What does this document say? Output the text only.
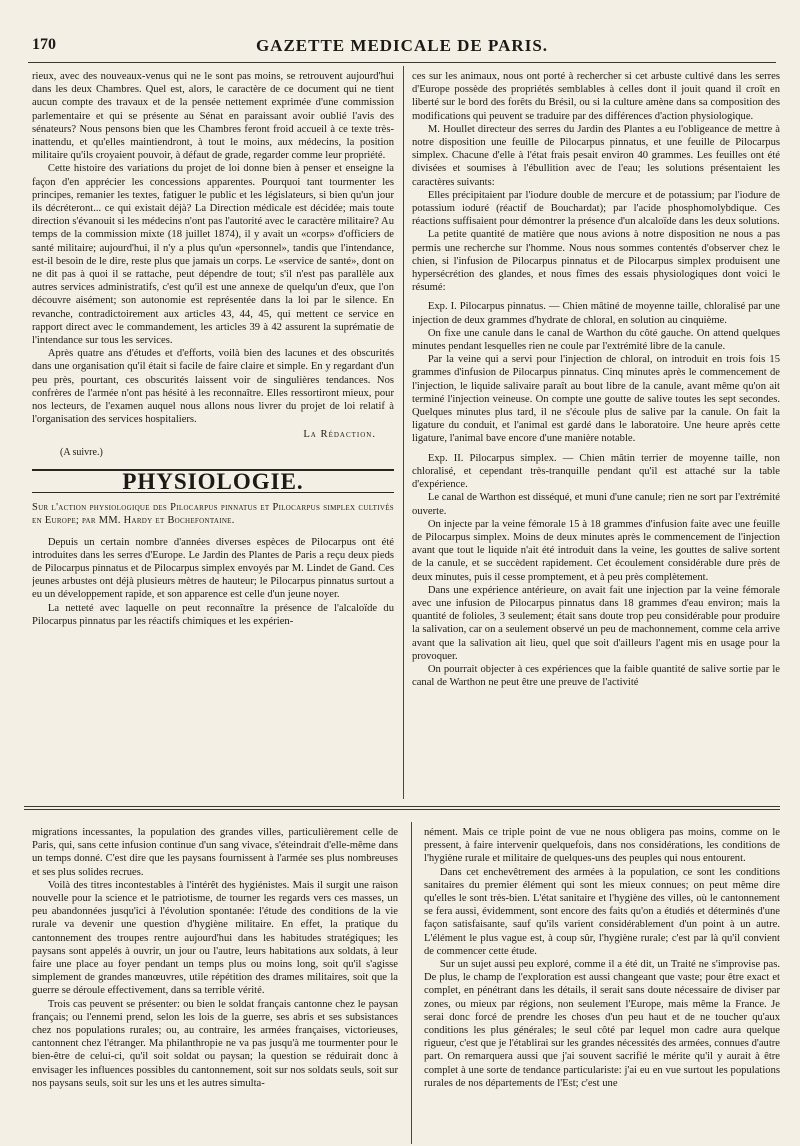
170	GAZETTE MEDICALE DE PARIS.

rieux, avec des nouveaux-venus qui ne le sont pas moins, se retrouvent aujourd'hui dans les deux Chambres. Quel est, alors, le caractère de ce document qui ne tient aucun compte des travaux et de la pensée nettement exprimée d'une commission parlementaire et qui se présente au Sénat en paraissant avoir oublié l'avis des sénateurs? Nous pensons bien que les Chambres feront froid accueil à ce texte très-inattendu, et qu'elles maintiendront, à tout le moins, aux médecins, la position militaire qu'ils croyaient pouvoir, à défaut de grade, regarder comme leur propriété.

Cette histoire des variations du projet de loi donne bien à penser et enseigne la façon d'en apprécier les concessions apparentes. Pourquoi tant tourmenter les principes, remanier les textes, fatiguer le public et les législateurs, si bien qu'un jour ils décréteront... ce qui existait déjà? La Direction médicale est décidée; mais toute direction s'évanouit si les médecins n'ont pas l'autorité avec le caractère militaire? Au temps de la commission mixte (18 juillet 1874), il y avait un «corps» d'officiers de santé militaire; aujourd'hui, il n'y a plus qu'un «personnel», tandis que l'intendance, est-il besoin de le dire, reste plus que jamais un corps. Le «service de santé», dont on ne dit pas à quoi il se rattache, peut dépendre de tout; s'il n'est pas parallèle aux autres services administratifs, c'est qu'il est une annexe de quelqu'un d'eux, que l'on découvre aisément; son autonomie est représentée dans la loi par le silence. En revanche, contradictoirement aux articles 43, 44, 45, qui mettent ce service en rapport direct avec le commandement, les articles 39 à 42 assurent la suprématie de l'intendance sur tous les services.

Après quatre ans d'études et d'efforts, voilà bien des lacunes et des obscurités dans une organisation qu'il était si facile de faire claire et simple. En y regardant d'un peu près, pourtant, ces obscurités laissent voir de singulières tendances. Nos confrères de l'armée n'ont pas hésité à les reconnaître. Elles ressortiront mieux, pour nos lecteurs, de l'examen auquel nous allons nous livrer du projet de loi relatif à l'organisation des services hospitaliers.

La Rédaction.
(A suivre.)
PHYSIOLOGIE.

Sur l'action physiologique des Pilocarpus pinnatus et Pilocarpus simplex cultivés en Europe; par MM. Hardy et Bochefontaine.

Depuis un certain nombre d'années diverses espèces de Pilocarpus ont été introduites dans les serres d'Europe. Le Jardin des Plantes de Paris a reçu deux pieds de Pilocarpus pinnatus et de Pilocarpus simplex envoyés par M. Lindet de Gand. Ces jeunes arbustes ont déjà plusieurs mètres de hauteur; le Pilocarpus pinnatus surtout a eu un développement rapide, et son apparence est celle d'un jeune noyer.

La netteté avec laquelle on peut reconnaître la présence de l'alcaloïde du Pilocarpus pinnatus par les réactifs chimiques et les expérien-

ces sur les animaux, nous ont porté à rechercher si cet arbuste cultivé dans les serres d'Europe possède des propriétés semblables à celles dont il jouit quand il croît en liberté sur le bord des forêts du Brésil, ou si la culture amène dans sa composition des modifications qui peuvent se traduire par des différences d'action physiologique.

M. Houllet directeur des serres du Jardin des Plantes a eu l'obligeance de mettre à notre disposition une feuille de Pilocarpus pinnatus, et une feuille de Pilocarpus simplex. Chacune d'elle à l'état frais pesait environ 40 grammes. Les feuilles ont été divisées et soumises à l'ébullition avec de l'eau; les solutions présentaient les caractères suivants:

Elles précipitaient par l'iodure double de mercure et de potassium; par l'iodure de potassium ioduré (réactif de Bouchardat); par l'acide phosphomolybdique. Ces réactions suffisaient pour démontrer la présence d'un alcaloïde dans les deux solutions.

La petite quantité de matière que nous avions à notre disposition ne nous a pas permis une recherche sur l'homme. Nous nous sommes contentés d'observer chez le chien, si l'infusion de Pilocarpus pinnatus et de Pilocarpus simplex produisent une hypersécrétion des glandes, et nous fîmes des essais physiologiques dont voici le résumé:

Exp. I. Pilocarpus pinnatus. — Chien mâtiné de moyenne taille, chloralisé par une injection de deux grammes d'hydrate de chloral, en solution au cinquième.

On fixe une canule dans le canal de Warthon du côté gauche. On attend quelques minutes pendant lesquelles rien ne coule par l'extrémité libre de la canule.

Par la veine qui a servi pour l'injection de chloral, on introduit en trois fois 15 grammes d'infusion de Pilocarpus pinnatus. Cinq minutes après le commencement de l'injection, le liquide salivaire paraît au bout libre de la canule, avant même qu'on ait terminé l'injection veineuse. On compte une goutte de salive toutes les sept secondes. Quelques minutes plus tard, il ne s'écoule plus de salive par la canule. On fait la ligature du conduit, et l'animal est gardé dans le laboratoire. Une heure après cette ligature, l'animal bave encore d'une manière notable.

Exp. II. Pilocarpus simplex. — Chien mâtin terrier de moyenne taille, non chloralisé, et cependant très-tranquille pendant qu'il est attaché sur la table d'expérience.

Le canal de Warthon est disséqué, et muni d'une canule; rien ne sort par l'extrémité ouverte.

On injecte par la veine fémorale 15 à 18 grammes d'infusion faite avec une feuille de Pilocarpus simplex. Moins de deux minutes après le commencement de l'injection avant que tout le liquide n'ait été introduit dans la veine, les gouttes de salive sortent de la canule, et se succèdent rapidement. Cet écoulement considérable dure près de deux minutes, puis il cesse promptement, et à peu près complètement.

Dans une expérience antérieure, on avait fait une injection par la veine fémorale avec une infusion de Pilocarpus pinnatus dans 18 grammes d'eau environ; mais la quantité de folioles, 3 seulement; était sans doute trop peu considérable pour produire la salivation, car on a seulement observé un peu de machonnement, comme cela arrive avant que la salivation ait lieu, quel que soit d'ailleurs l'agent mis en usage pour la provoquer.

On pourrait objecter à ces expériences que la faible quantité de salive sortie par le canal de Warthon ne peut être une preuve de l'activité

migrations incessantes, la population des grandes villes, particulièrement celle de Paris, qui, sans cette infusion continue d'un sang vivace, s'éteindrait d'elle-même dans un temps donné. C'est dire que les paysans fournissent à l'armée ses plus nombreuses et ses plus solides recrues.

Voilà des titres incontestables à l'intérêt des hygiénistes. Mais il surgit une raison nouvelle pour la science et le patriotisme, de tourner les regards vers ces masses, un peu abandonnées jusqu'ici à l'évolution spontanée: l'étude des conditions de la vie rurale va devenir une question d'hygiène militaire. En effet, la pratique du cantonnement des troupes rentre aujourd'hui dans les habitudes stratégiques; les paysans sont appelés à ouvrir, un jour ou l'autre, leurs habitations aux soldats, à leur faire une place au foyer pendant un temps plus ou moins long, soit qu'il s'agisse simplement de grandes manœuvres, utile répétition des drames militaires, soit que la guerre se déroule effectivement, dans sa terrible vérité.

Trois cas peuvent se présenter: ou bien le soldat français cantonne chez le paysan français; ou l'ennemi prend, selon les lois de la guerre, ses abris et ses subsistances chez nos populations rurales; ou, au contraire, les armées françaises, victorieuses, cantonnent chez l'étranger. Ma philanthropie ne va pas jusqu'à me tourmenter pour le bien-être de celui-ci, qu'il soit soldat ou paysan; la question se réduirait donc à envisager les influences possibles du cantonnement, soit sur nos soldats seuls, soit sur nos paysans seuls, soit sur les uns et les autres simulta-

nément. Mais ce triple point de vue ne nous obligera pas moins, comme on le pressent, à faire intervenir quelquefois, dans nos considérations, les conditions de l'hygiène rurale et militaire de quelques-uns des peuples qui nous entourent.

Dans cet enchevêtrement des armées à la population, ce sont les conditions sanitaires du premier élément qui sont les mieux connues; on peut même dire qu'elles le sont très-bien. L'état sanitaire et l'hygiène des villes, où le cantonnement se fera aussi, évidemment, sont encore des faits qu'on a étudiés et déterminés d'une façon satisfaisante, sauf qu'ils varient considérablement d'un point à un autre. L'élément le plus vague est, à coup sûr, l'hygiène rurale; c'est par là qu'il convient de commencer cette étude.

Sur un sujet aussi peu exploré, comme il a été dit, un Traité ne s'improvise pas. De plus, le champ de l'exploration est aussi changeant que vaste; pour être exact et complet, en pénétrant dans les détails, il serait sans doute nécessaire de diviser par zones, ou mieux par régions, non seulement l'Europe, mais même la France. Je serai donc forcé de prendre les choses d'un peu haut et de ne toucher qu'aux conditions les plus générales; le seul côté par lequel mon cadre aura quelque rigueur, c'est que je l'établirai sur les grandes nécessités des armées, connues d'autre part. On remarquera aussi que j'ai souvent sacrifié le mérite qu'il y aurait à être complet à une sorte de tendance particulariste: j'ai eu en vue surtout les populations rurales de nos départements de l'Est; c'est une
